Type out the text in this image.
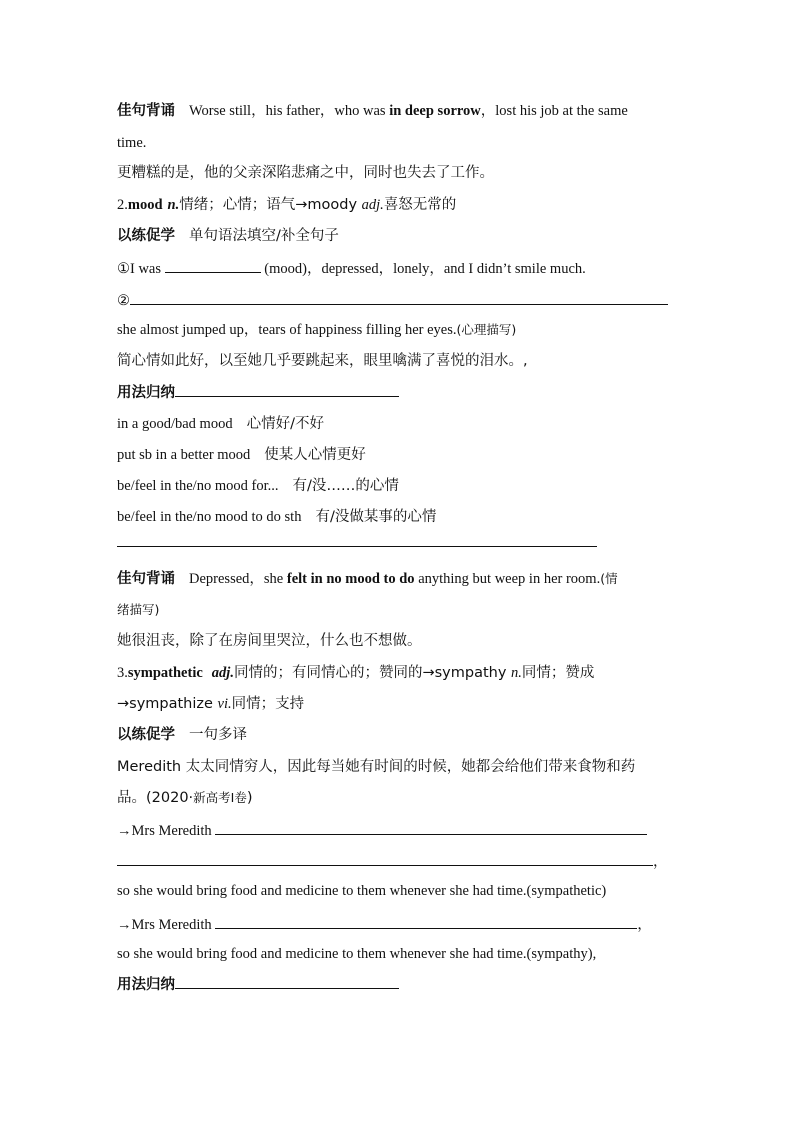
佳句背诵 Worse still，his father，who was in deep sorrow，lost his job at the same
time.
更糟糕的是，他的父亲深陷悲痛之中，同时也失去了工作。
2.mood n.情绪；心情；语气→moody adj.喜怒无常的
以练促学 单句语法填空/补全句子
①I was	(mood)，depressed，lonely，and I didn’t smile much.
②
she almost jumped up，tears of happiness filling her eyes.(心理描写)
简心情如此好，以至她几乎要跳起来，眼里噙满了喜悦的泪水。,
用法归纳
in a good/bad mood 心情好/不好
put sb in a better mood 使某人心情更好
be/feel in the/no mood for... 有/没……的心情
be/feel in the/no mood to do sth 有/没做某事的心情
佳句背诵 Depressed，she felt in no mood to do anything but weep in her room.(情
绪描写)
她很沮丧，除了在房间里哭泣，什么也不想做。
3.sympathetic adj.同情的；有同情心的；赞同的→sympathy n.同情；赞成
→sympathize vi.同情；支持
以练促学 一句多译
Meredith 太太同情穷人，因此每当她有时间的时候，她都会给他们带来食物和药
品。(2020·新高考Ⅰ卷)
→Mrs Meredith
，
so she would bring food and medicine to them whenever she had time.(sympathetic)
→Mrs Meredith	，
so she would bring food and medicine to them whenever she had time.(sympathy),
用法归纳
